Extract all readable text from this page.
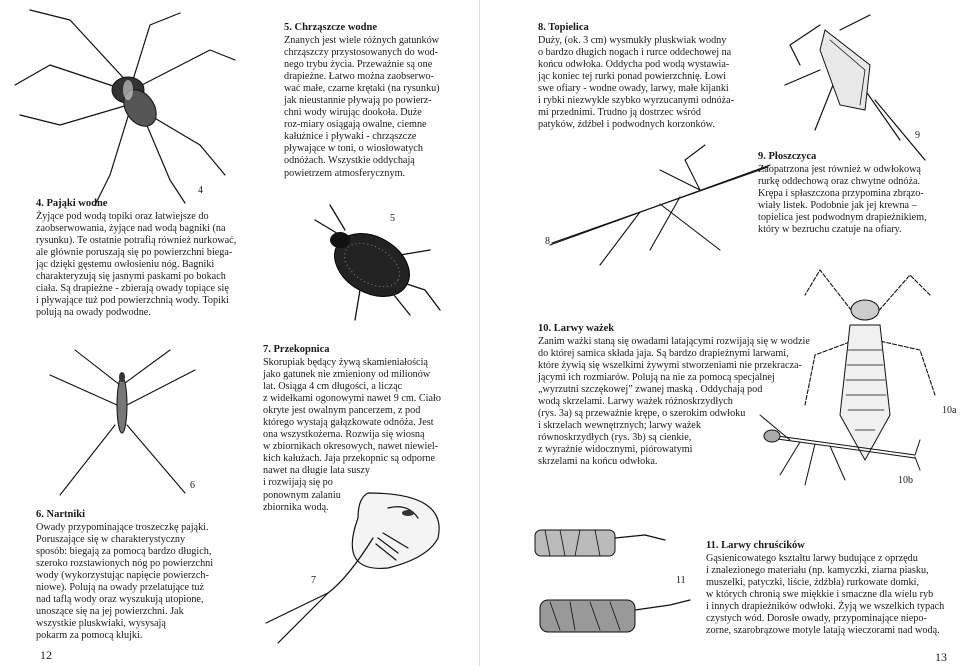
4
4. Pająki wodne

Żyjące pod wodą topiki oraz łatwiejsze do
zaobserwowania, żyjące nad wodą bagniki (na
rysunku). Te ostatnie potrafią również nurkować,
ale głównie poruszają się po powierzchni biega-
jąc dzięki gęstemu owłosieniu nóg. Bagniki
charakteryzują się jasnymi paskami po bokach
ciała. Są drapieżne - zbierają owady topiące się
i pływające tuż pod powierzchnią wody. Topiki
polują na owady podwodne.

6
6. Nartniki

Owady przypominające troszeczkę pająki.
Poruszające się w charakterystyczny
sposób: biegają za pomocą bardzo długich,
szeroko rozstawionych nóg po powierzchni
wody (wykorzystując napięcie powierzch-
niowe). Polują na owady przelatujące tuż
nad taflą wody oraz wyszukują utopione,
unoszące się na jej powierzchni. Jak
wszystkie pluskwiaki, wysysają
pokarm za pomocą kłujki.

12
5. Chrząszcze wodne

Znanych jest wiele różnych gatunków
chrząszczy przystosowanych do wod-
nego trybu życia. Przeważnie są one
drapieżne. Łatwo można zaobserwo-
wać małe, czarne krętaki (na rysunku)
jak nieustannie pływają po powierz-
chni wody wirując dookoła. Duże
roz-miary osiągają owalne, ciemne
kałużnice i pływaki - chrząszcze
pływające w toni, o wiosłowatych
odnóżach. Wszystkie oddychają
powietrzem atmosferycznym.

5
7. Przekopnica

Skorupiak będący żywą skamieniałością
jako gatunek nie zmieniony od milionów
lat. Osiąga 4 cm długości, a licząc
z widełkami ogonowymi nawet 9 cm. Ciało
okryte jest owalnym pancerzem, z pod
którego wystają gałązkowate odnóża. Jest
ona wszystkożerna. Rozwija się wiosną
w zbiornikach okresowych, nawet niewiel-
kich kałużach. Jaja przekopnic są odporne
nawet na długie lata suszy
i rozwijają się po
ponownym zalaniu
zbiornika wodą.

7
8. Topielica

Duży, (ok. 3 cm) wysmukły pluskwiak wodny
o bardzo długich nogach i rurce oddechowej na
końcu odwłoka. Oddycha pod wodą wystawia-
jąc koniec tej rurki ponad powierzchnię. Łowi
swe ofiary - wodne owady, larwy, małe kijanki
i rybki niezwykle szybko wyrzucanymi odnóża-
mi przednimi. Trudno ją dostrzec wśród
patyków, źdźbeł i podwodnych korzonków.

9
8
9. Płoszczyca

Zaopatrzona jest również w odwłokową
rurkę oddechową oraz chwytne odnóża.
Krępa i spłaszczona przypomina zbrązo-
wiały listek. Podobnie jak jej krewna –
topielica jest podwodnym drapieżnikiem,
który w bezruchu czatuje na ofiary.

10. Larwy ważek

Zanim ważki staną się owadami latającymi rozwijają się w wodzie
do której samica składa jaja. Są bardzo drapieżnymi larwami,
które żywią się wszelkimi żywymi stworzeniami nie przekracza-
jącymi ich rozmiarów. Polują na nie za pomocą specjalnej
„wyrzutni szczękowej” zwanej maską . Oddychają pod
wodą skrzelami. Larwy ważek różnoskrzydłych
(rys. 3a) są przeważnie krępe, o szerokim odwłoku
i skrzelach wewnętrznych; larwy ważek
równoskrzydłych (rys. 3b) są cienkie,
z wyraźnie widocznymi, piórowatymi
skrzelami na końcu odwłoka.

10a
10b
11
11. Larwy chruścików

Gąsienicowatego kształtu larwy budujące z oprzędu
i znalezionego materiału (np. kamyczki, ziarna piasku,
muszelki, patyczki, liście, źdźbła) rurkowate domki,
w których chronią swe miękkie i smaczne dla wielu ryb
i innych drapieżników odwłoki. Żyją we wszelkich typach
czystych wód. Dorosłe owady, przypominające niepo-
zorne, szarobrązowe motyle latają wieczorami nad wodą.

13
